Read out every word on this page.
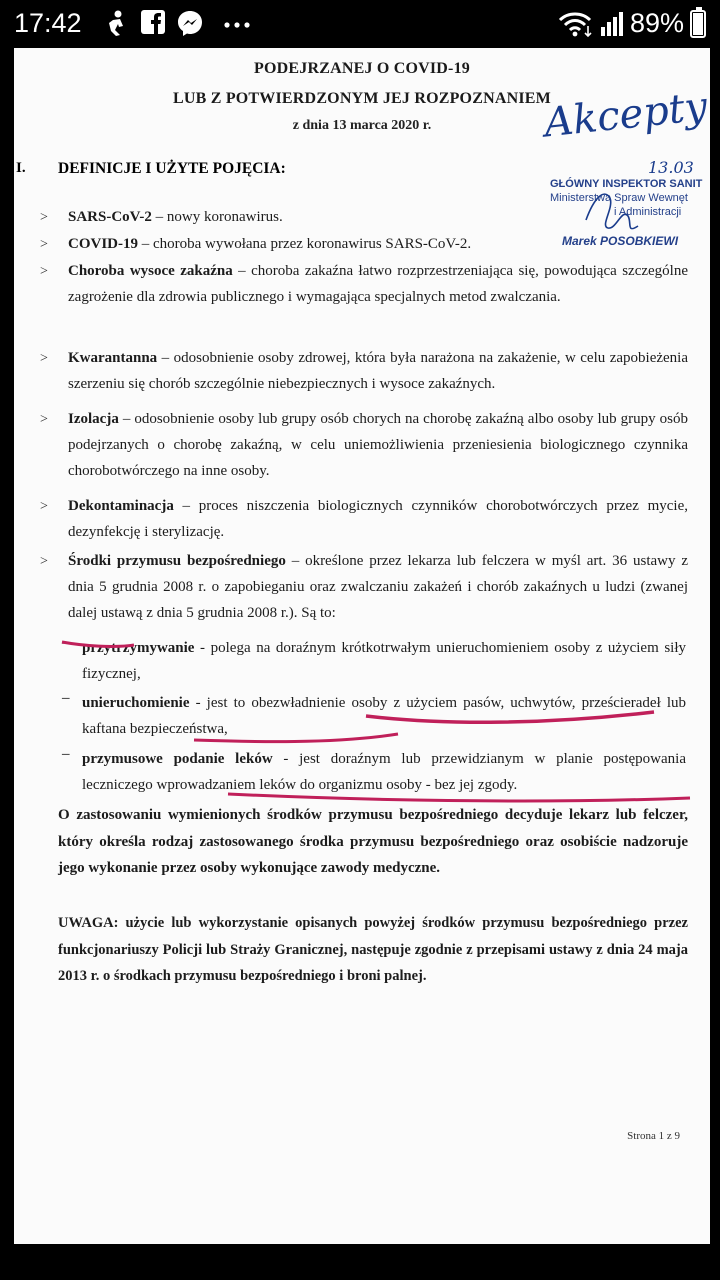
17:42	89%
PODEJRZANEJ O COVID-19
LUB Z POTWIERDZONYM JEJ ROZPOZNANIEM
z dnia 13 marca 2020 r.
I. DEFINICJE I UŻYTE POJĘCIA:
> SARS-CoV-2 – nowy koronawirus.
> COVID-19 – choroba wywołana przez koronawirus SARS-CoV-2.
> Choroba wysoce zakaźna – choroba zakaźna łatwo rozprzestrzeniająca się, powodująca szczególne zagrożenie dla zdrowia publicznego i wymagająca specjalnych metod zwalczania.
> Kwarantanna – odosobnienie osoby zdrowej, która była narażona na zakażenie, w celu zapobieżenia szerzeniu się chorób szczególnie niebezpiecznych i wysoce zakaźnych.
> Izolacja – odosobnienie osoby lub grupy osób chorych na chorobę zakaźną albo osoby lub grupy osób podejrzanych o chorobę zakaźną, w celu uniemożliwienia przeniesienia biologicznego czynnika chorobotwórczego na inne osoby.
> Dekontaminacja – proces niszczenia biologicznych czynników chorobotwórczych przez mycie, dezynfekcję i sterylizację.
> Środki przymusu bezpośredniego – określone przez lekarza lub felczera w myśl art. 36 ustawy z dnia 5 grudnia 2008 r. o zapobieganiu oraz zwalczaniu zakażeń i chorób zakaźnych u ludzi (zwanej dalej ustawą z dnia 5 grudnia 2008 r.). Są to:
– przytrzymywanie - polega na doraźnym krótkotrwałym unieruchomieniem osoby z użyciem siły fizycznej,
– unieruchomienie - jest to obezwładnienie osoby z użyciem pasów, uchwytów, prześcieradeł lub kaftana bezpieczeństwa,
– przymusowe podanie leków - jest doraźnym lub przewidzianym w planie postępowania leczniczego wprowadzaniem leków do organizmu osoby - bez jej zgody.
O zastosowaniu wymienionych środków przymusu bezpośredniego decyduje lekarz lub felczer, który określa rodzaj zastosowanego środka przymusu bezpośredniego oraz osobiście nadzoruje jego wykonanie przez osoby wykonujące zawody medyczne.
UWAGA: użycie lub wykorzystanie opisanych powyżej środków przymusu bezpośredniego przez funkcjonariuszy Policji lub Straży Granicznej, następuje zgodnie z przepisami ustawy z dnia 24 maja 2013 r. o środkach przymusu bezpośredniego i broni palnej.
Strona 1 z 9
Akcepty
13.03
GŁÓWNY INSPEKTOR SANIT
Ministerstwa Spraw Wewnęt
i Administracji
Marek POSOBKIEWI
